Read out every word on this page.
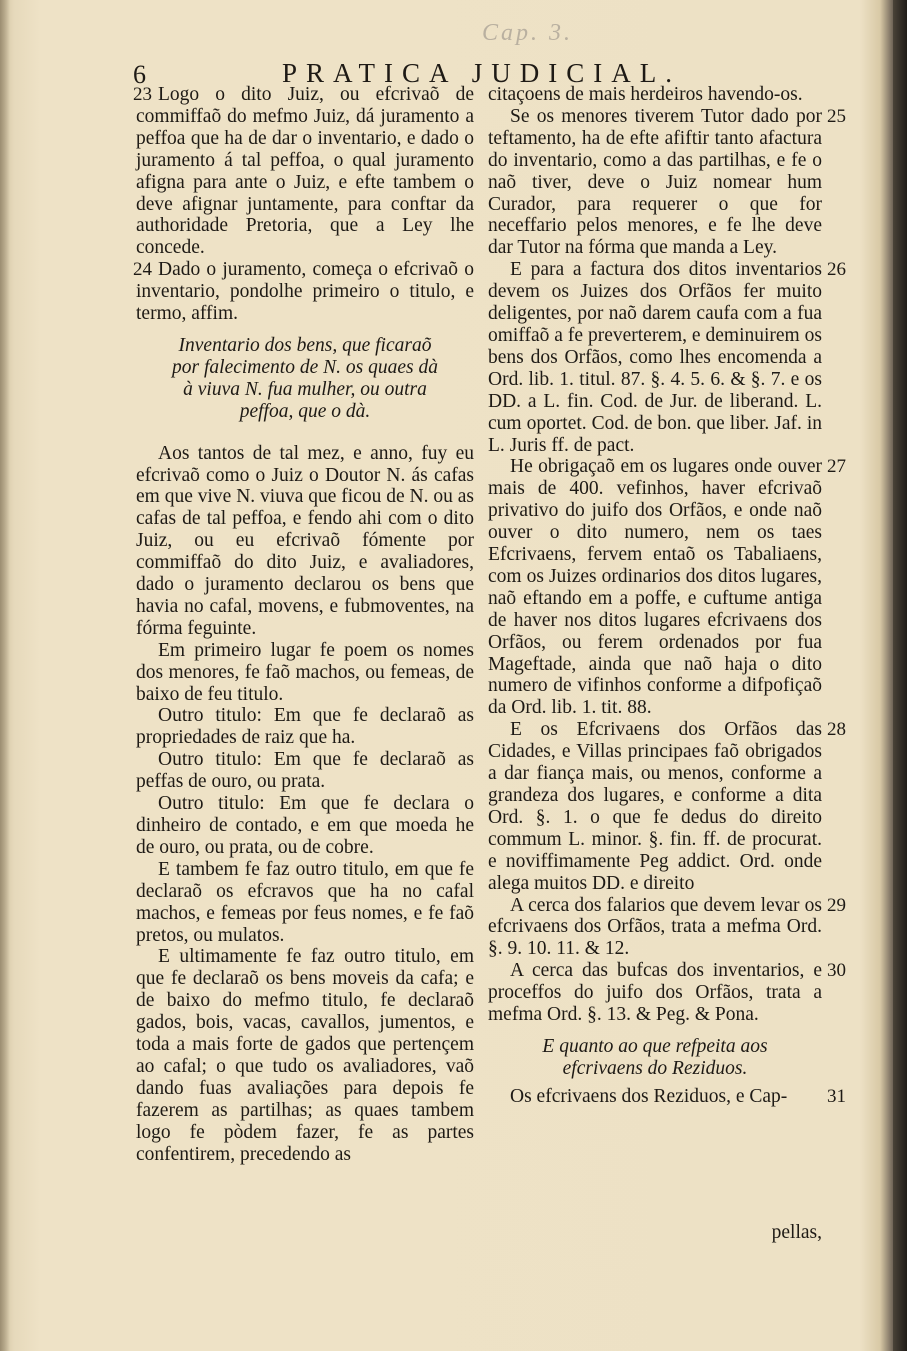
Cap. 3.
6	PRATICA JUDICIAL.

23 Logo o dito Juiz, ou efcrivaõ de commiffaõ do mefmo Juiz, dá juramento a peffoa que ha de dar o inventario, e dado o juramento á tal peffoa, o qual juramento afigna para ante o Juiz, e efte tambem o deve afignar juntamente, para conftar da authoridade Pretoria, que a Ley lhe concede.

24 Dado o juramento, começa o efcrivaõ o inventario, pondolhe primeiro o titulo, e termo, affim.

Inventario dos bens, que ficaraõ por falecimento de N. os quaes dà à viuva N. fua mulher, ou outra peffoa, que o dà.

Aos tantos de tal mez, e anno, fuy eu efcrivaõ como o Juiz o Doutor N. ás cafas em que vive N. viuva que ficou de N. ou as cafas de tal peffoa, e fendo ahi com o dito Juiz, ou eu efcrivaõ fómente por commiffaõ do dito Juiz, e avaliadores, dado o juramento declarou os bens que havia no cafal, movens, e fubmoventes, na fórma feguinte.

Em primeiro lugar fe poem os nomes dos menores, fe faõ machos, ou femeas, de baixo de feu titulo.

Outro titulo: Em que fe declaraõ as propriedades de raiz que ha.

Outro titulo: Em que fe declaraõ as peffas de ouro, ou prata.

Outro titulo: Em que fe declara o dinheiro de contado, e em que moeda he de ouro, ou prata, ou de cobre.

E tambem fe faz outro titulo, em que fe declaraõ os efcravos que ha no cafal machos, e femeas por feus nomes, e fe faõ pretos, ou mulatos.

E ultimamente fe faz outro titulo, em que fe declaraõ os bens moveis da cafa; e de baixo do mefmo titulo, fe declaraõ gados, bois, vacas, cavallos, jumentos, e toda a mais forte de gados que pertençem ao cafal; o que tudo os avaliadores, vaõ dando fuas avaliações para depois fe fazerem as partilhas; as quaes tambem logo fe pòdem fazer, fe as partes confentirem, precedendo as

citaçoens de mais herdeiros havendo-os.

25
Se os menores tiverem Tutor dado por teftamento, ha de efte afiftir tanto afactura do inventario, como a das partilhas, e fe o naõ tiver, deve o Juiz nomear hum Curador, para requerer o que for neceffario pelos menores, e fe lhe deve dar Tutor na fórma que manda a Ley.

26
E para a factura dos ditos inventarios devem os Juizes dos Orfãos fer muito deligentes, por naõ darem caufa com a fua omiffaõ a fe preverterem, e deminuirem os bens dos Orfãos, como lhes encomenda a Ord. lib. 1. titul. 87. §. 4. 5. 6. & §. 7. e os DD. a L. fin. Cod. de Jur. de liberand. L. cum oportet. Cod. de bon. que liber. Jaf. in L. Juris ff. de pact.

27
He obrigaçaõ em os lugares onde ouver mais de 400. vefinhos, haver efcrivaõ privativo do juifo dos Orfãos, e onde naõ ouver o dito numero, nem os taes Efcrivaens, fervem entaõ os Tabaliaens, com os Juizes ordinarios dos ditos lugares, naõ eftando em a poffe, e cuftume antiga de haver nos ditos lugares efcrivaens dos Orfãos, ou ferem ordenados por fua Mageftade, ainda que naõ haja o dito numero de vifinhos conforme a difpofiçaõ da Ord. lib. 1. tit. 88.

28
E os Efcrivaens dos Orfãos das Cidades, e Villas principaes faõ obrigados a dar fiança mais, ou menos, conforme a grandeza dos lugares, e conforme a dita Ord. §. 1. o que fe dedus do direito commum L. minor. §. fin. ff. de procurat. e noviffimamente Peg addict. Ord. onde alega muitos DD. e direito

29
A cerca dos falarios que devem levar os efcrivaens dos Orfãos, trata a mefma Ord. §. 9. 10. 11. & 12.

30
A cerca das bufcas dos inventarios, e proceffos do juifo dos Orfãos, trata a mefma Ord. §. 13. & Peg. & Pona.

E quanto ao que refpeita aos efcrivaens do Reziduos.

31
Os efcrivaens dos Reziduos, e Cap-

pellas,
